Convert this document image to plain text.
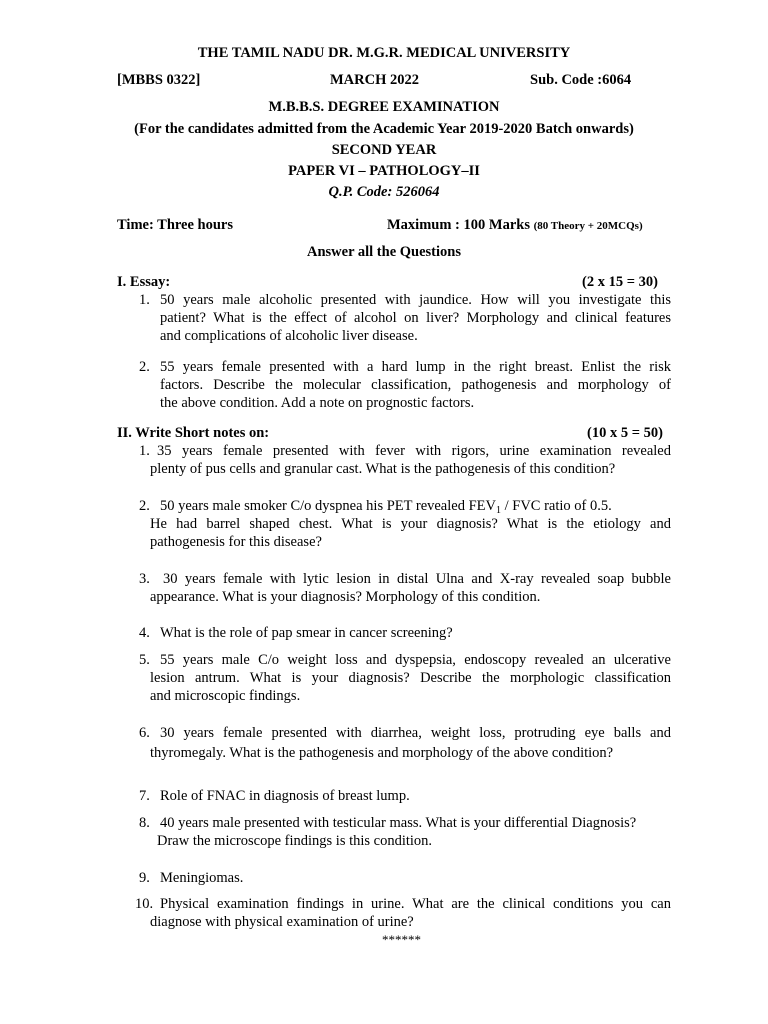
THE TAMIL NADU DR. M.G.R. MEDICAL UNIVERSITY
[MBBS 0322]	MARCH 2022	Sub. Code :6064
M.B.B.S. DEGREE EXAMINATION
(For the candidates admitted from the Academic Year 2019-2020 Batch onwards)
SECOND YEAR
PAPER VI – PATHOLOGY–II
Q.P. Code: 526064
Time: Three hours	Maximum : 100 Marks (80 Theory + 20MCQs)
Answer all the Questions
I. Essay:	(2 x 15 = 30)
1. 50 years male alcoholic presented with jaundice. How will you investigate this
patient? What is the effect of alcohol on liver? Morphology and clinical features
and complications of alcoholic liver disease.
2. 55 years female presented with a hard lump in the right breast. Enlist the risk
factors. Describe the molecular classification, pathogenesis and morphology of
the above condition. Add a note on prognostic factors.
II. Write Short notes on:	(10 x 5 = 50)
1. 35 years female presented with fever with rigors, urine examination revealed
plenty of pus cells and granular cast. What is the pathogenesis of this condition?
2. 50 years male smoker C/o dyspnea his PET revealed $FEV_1$ / FVC ratio of 0.5.
He had barrel shaped chest. What is your diagnosis? What is the etiology and
pathogenesis for this disease?
3. 30 years female with lytic lesion in distal Ulna and X-ray revealed soap bubble
appearance. What is your diagnosis? Morphology of this condition.
4. What is the role of pap smear in cancer screening?
5. 55 years male C/o weight loss and dyspepsia, endoscopy revealed an ulcerative
lesion antrum. What is your diagnosis? Describe the morphologic classification
and microscopic findings.
6. 30 years female presented with diarrhea, weight loss, protruding eye balls and
thyromegaly. What is the pathogenesis and morphology of the above condition?
7. Role of FNAC in diagnosis of breast lump.
8. 40 years male presented with testicular mass. What is your differential Diagnosis?
Draw the microscope findings is this condition.
9. Meningiomas.
10. Physical examination findings in urine. What are the clinical conditions you can
diagnose with physical examination of urine?
******
